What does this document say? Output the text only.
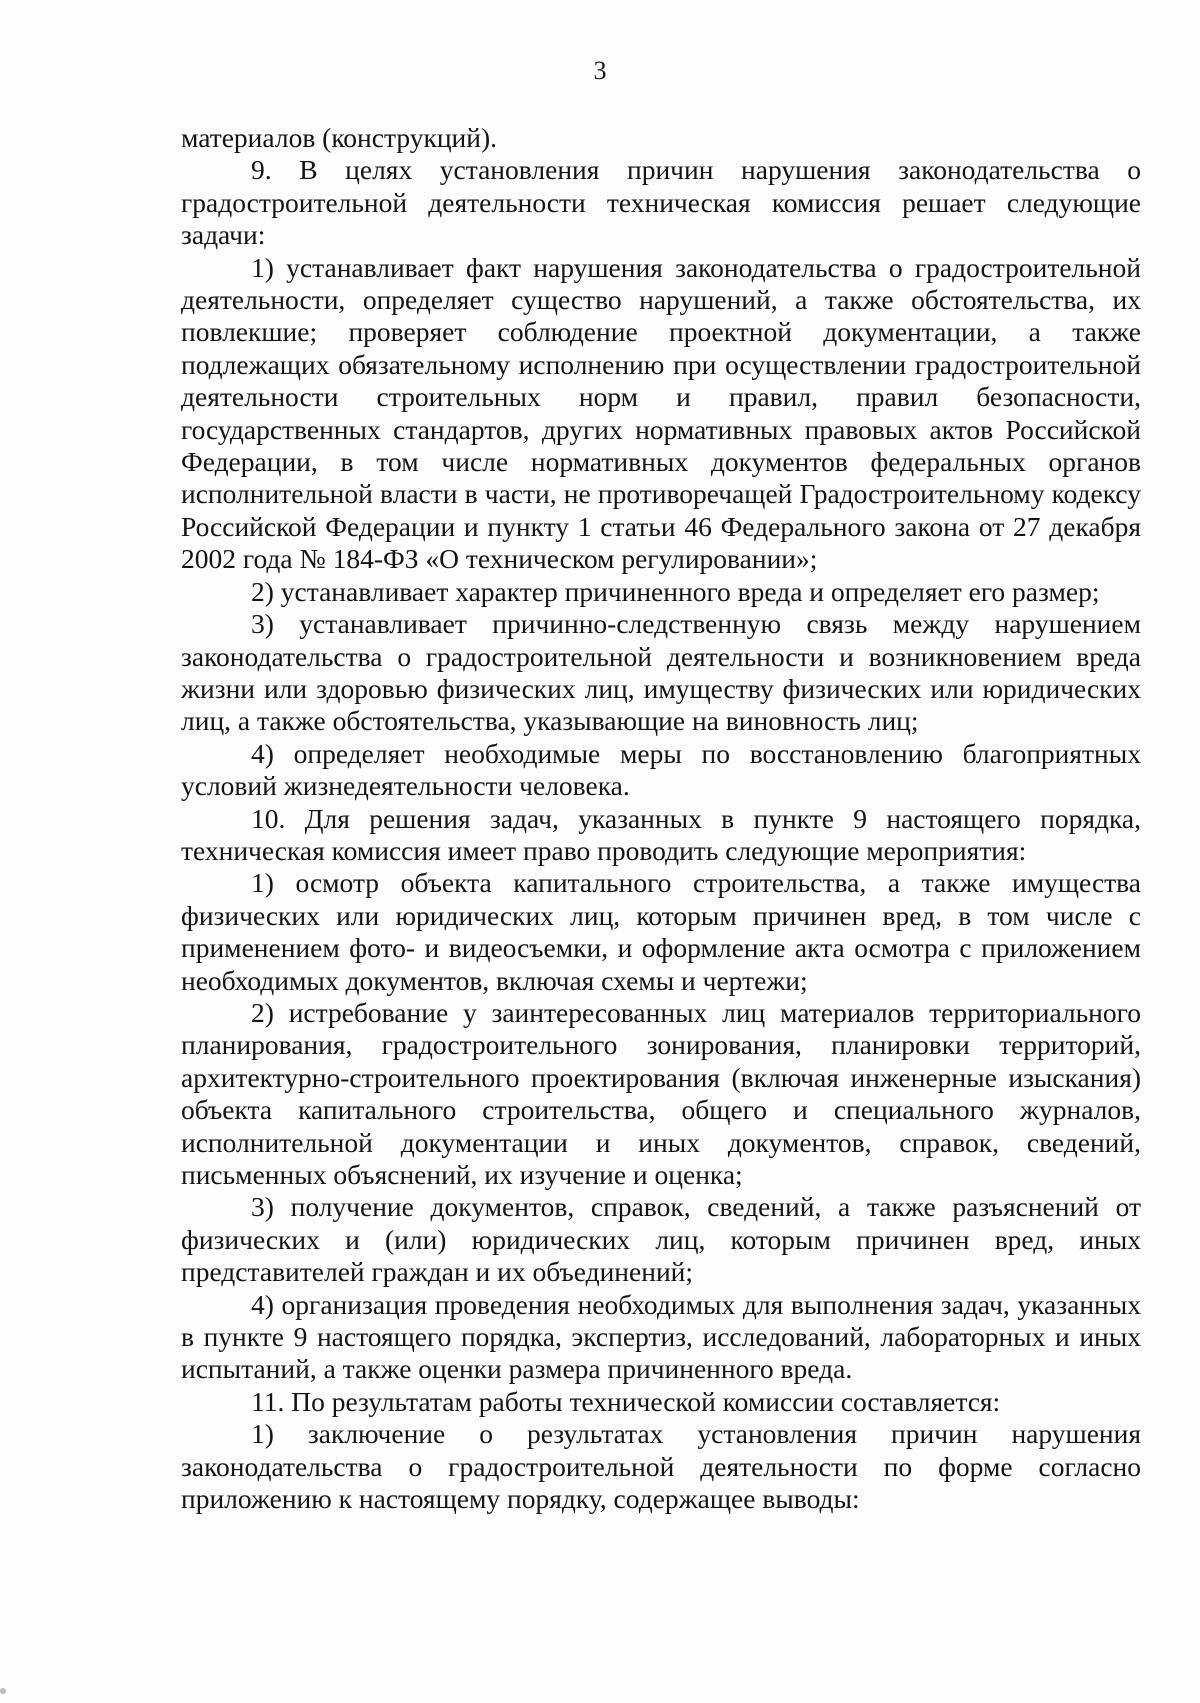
3

материалов (конструкций).

9. В целях установления причин нарушения законодательства о градостроительной деятельности техническая комиссия решает следующие задачи:

1) устанавливает факт нарушения законодательства о градостроительной деятельности, определяет существо нарушений, а также обстоятельства, их повлекшие; проверяет соблюдение проектной документации, а также подлежащих обязательному исполнению при осуществлении градостроительной деятельности строительных норм и правил, правил безопасности, государственных стандартов, других нормативных правовых актов Российской Федерации, в том числе нормативных документов федеральных органов исполнительной власти в части, не противоречащей Градостроительному кодексу Российской Федерации и пункту 1 статьи 46 Федерального закона от 27 декабря 2002 года № 184-ФЗ «О техническом регулировании»;

2) устанавливает характер причиненного вреда и определяет его размер;

3) устанавливает причинно-следственную связь между нарушением законодательства о градостроительной деятельности и возникновением вреда жизни или здоровью физических лиц, имуществу физических или юридических лиц, а также обстоятельства, указывающие на виновность лиц;

4) определяет необходимые меры по восстановлению благоприятных условий жизнедеятельности человека.

10. Для решения задач, указанных в пункте 9 настоящего порядка, техническая комиссия имеет право проводить следующие мероприятия:

1) осмотр объекта капитального строительства, а также имущества физических или юридических лиц, которым причинен вред, в том числе с применением фото- и видеосъемки, и оформление акта осмотра с приложением необходимых документов, включая схемы и чертежи;

2) истребование у заинтересованных лиц материалов территориального планирования, градостроительного зонирования, планировки территорий, архитектурно-строительного проектирования (включая инженерные изыскания) объекта капитального строительства, общего и специального журналов, исполнительной документации и иных документов, справок, сведений, письменных объяснений, их изучение и оценка;

3) получение документов, справок, сведений, а также разъяснений от физических и (или) юридических лиц, которым причинен вред, иных представителей граждан и их объединений;

4) организация проведения необходимых для выполнения задач, указанных в пункте 9 настоящего порядка, экспертиз, исследований, лабораторных и иных испытаний, а также оценки размера причиненного вреда.

11. По результатам работы технической комиссии составляется:

1) заключение о результатах установления причин нарушения законодательства о градостроительной деятельности по форме согласно приложению к настоящему порядку, содержащее выводы:
